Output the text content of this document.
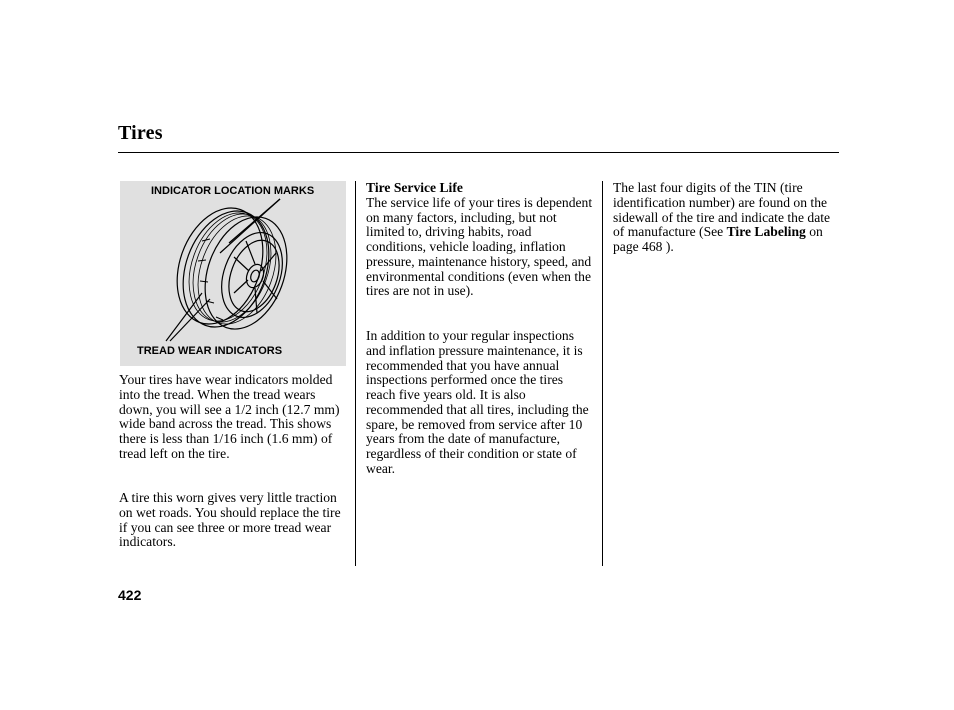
Tires
INDICATOR LOCATION MARKS
TREAD WEAR INDICATORS

Your tires have wear indicators molded into the tread. When the tread wears down, you will see a 1/2 inch (12.7 mm) wide band across the tread. This shows there is less than 1/16 inch (1.6 mm) of tread left on the tire.

A tire this worn gives very little traction on wet roads. You should replace the tire if you can see three or more tread wear indicators.

Tire Service Life
The service life of your tires is dependent on many factors, including, but not limited to, driving habits, road conditions, vehicle loading, inflation pressure, maintenance history, speed, and environmental conditions (even when the tires are not in use).

In addition to your regular inspections and inflation pressure maintenance, it is recommended that you have annual inspections performed once the tires reach five years old. It is also recommended that all tires, including the spare, be removed from service after 10 years from the date of manufacture, regardless of their condition or state of wear.

The last four digits of the TIN (tire identification number) are found on the sidewall of the tire and indicate the date of manufacture (See Tire Labeling on page 468 ).

422
